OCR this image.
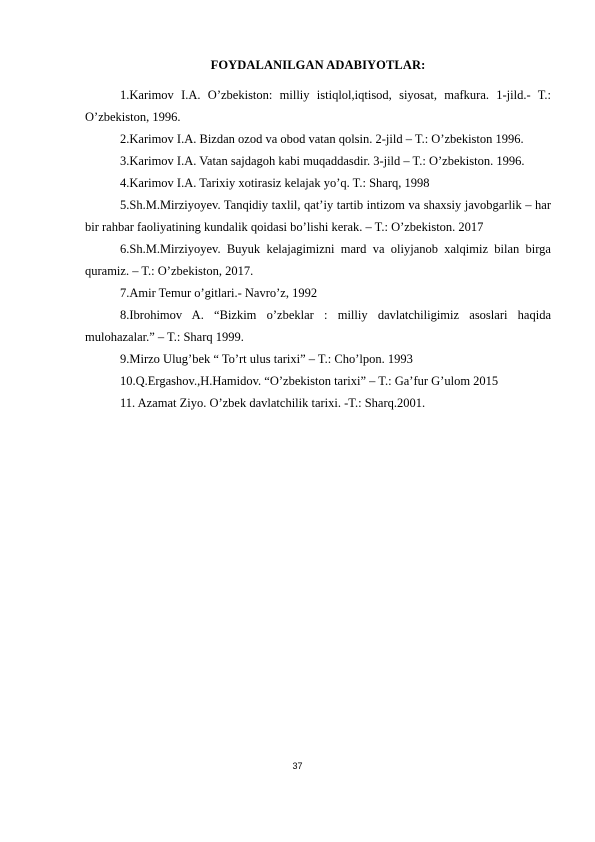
FOYDALANILGAN ADABIYOTLAR:
1.Karimov I.A. O’zbekiston: milliy istiqlol,iqtisod, siyosat, mafkura. 1-jild.- T.: O’zbekiston, 1996.
2.Karimov I.A. Bizdan ozod va obod vatan qolsin. 2-jild – T.: O’zbekiston 1996.
3.Karimov I.A. Vatan sajdagoh kabi muqaddasdir. 3-jild – T.: O’zbekiston. 1996.
4.Karimov I.A. Tarixiy xotirasiz kelajak yo’q. T.: Sharq, 1998
5.Sh.M.Mirziyoyev. Tanqidiy taxlil, qat’iy tartib intizom va shaxsiy javobgarlik – har bir rahbar faoliyatining kundalik qoidasi bo’lishi kerak. – T.: O’zbekiston. 2017
6.Sh.M.Mirziyoyev. Buyuk kelajagimizni mard va oliyjanob xalqimiz bilan birga quramiz. – T.: O’zbekiston, 2017.
7.Amir Temur o’gitlari.- Navro’z, 1992
8.Ibrohimov A. “Bizkim o’zbeklar : milliy davlatchiligimiz asoslari haqida mulohazalar.” – T.: Sharq 1999.
9.Mirzo Ulug’bek “ To’rt ulus tarixi” – T.: Cho’lpon. 1993
10.Q.Ergashov.,H.Hamidov. “O’zbekiston tarixi” – T.: Ga’fur G’ulom 2015
11. Azamat Ziyo. O’zbek davlatchilik tarixi. -T.: Sharq.2001.
37
